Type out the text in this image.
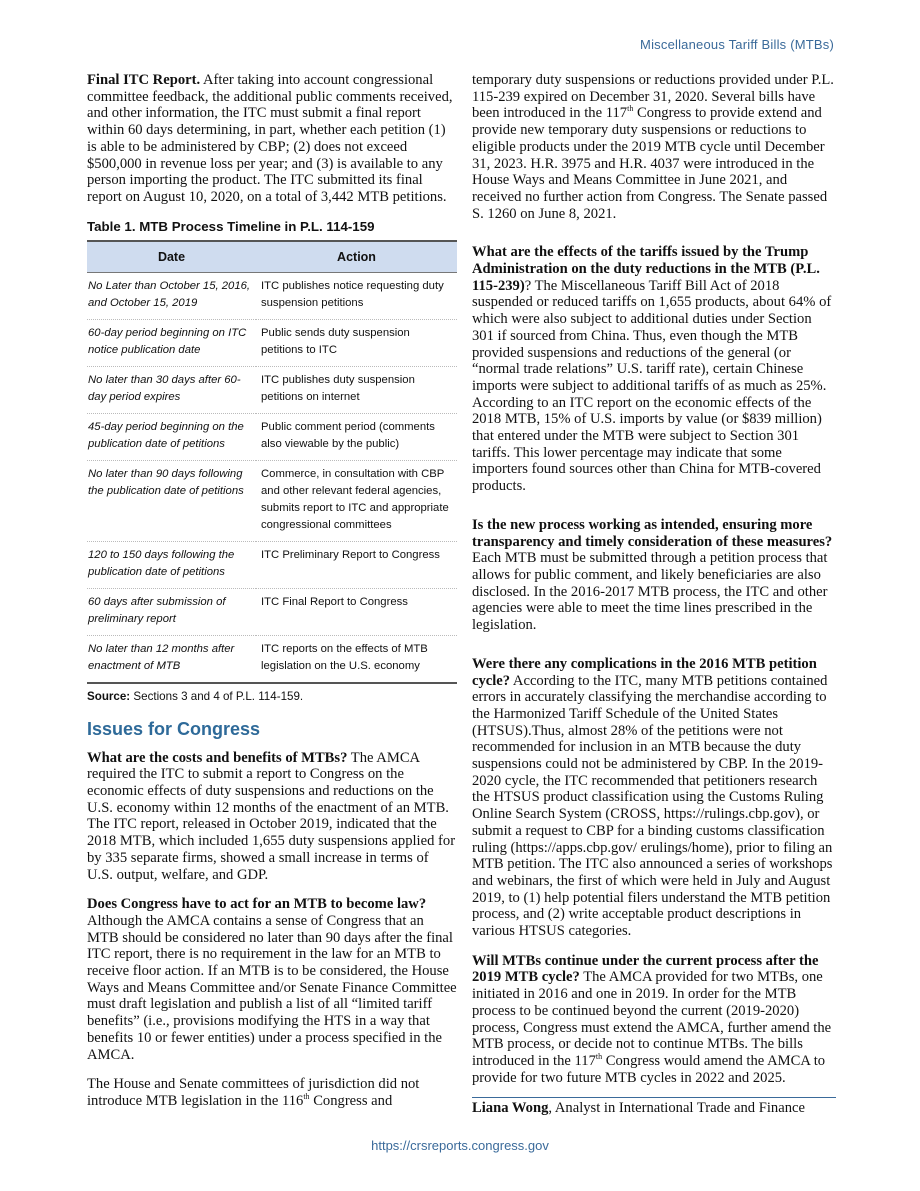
Miscellaneous Tariff Bills (MTBs)

Final ITC Report. After taking into account congressional committee feedback, the additional public comments received, and other information, the ITC must submit a final report within 60 days determining, in part, whether each petition (1) is able to be administered by CBP; (2) does not exceed $500,000 in revenue loss per year; and (3) is available to any person importing the product. The ITC submitted its final report on August 10, 2020, on a total of 3,442 MTB petitions.

Table 1. MTB Process Timeline in P.L. 114-159
Date	Action
No Later than October 15, 2016, and October 15, 2019	ITC publishes notice requesting duty suspension petitions
60-day period beginning on ITC notice publication date	Public sends duty suspension petitions to ITC
No later than 30 days after 60-day period expires	ITC publishes duty suspension petitions on internet
45-day period beginning on the publication date of petitions	Public comment period (comments also viewable by the public)
No later than 90 days following the publication date of petitions	Commerce, in consultation with CBP and other relevant federal agencies, submits report to ITC and appropriate congressional committees
120 to 150 days following the publication date of petitions	ITC Preliminary Report to Congress
60 days after submission of preliminary report	ITC Final Report to Congress
No later than 12 months after enactment of MTB	ITC reports on the effects of MTB legislation on the U.S. economy
Source: Sections 3 and 4 of P.L. 114-159.
Issues for Congress

What are the costs and benefits of MTBs? The AMCA required the ITC to submit a report to Congress on the economic effects of duty suspensions and reductions on the U.S. economy within 12 months of the enactment of an MTB. The ITC report, released in October 2019, indicated that the 2018 MTB, which included 1,655 duty suspensions applied for by 335 separate firms, showed a small increase in terms of U.S. output, welfare, and GDP.

Does Congress have to act for an MTB to become law? Although the AMCA contains a sense of Congress that an MTB should be considered no later than 90 days after the final ITC report, there is no requirement in the law for an MTB to receive floor action. If an MTB is to be considered, the House Ways and Means Committee and/or Senate Finance Committee must draft legislation and publish a list of all “limited tariff benefits” (i.e., provisions modifying the HTS in a way that benefits 10 or fewer entities) under a process specified in the AMCA.

The House and Senate committees of jurisdiction did not introduce MTB legislation in the 116th Congress and

temporary duty suspensions or reductions provided under P.L. 115-239 expired on December 31, 2020. Several bills have been introduced in the 117th Congress to provide extend and provide new temporary duty suspensions or reductions to eligible products under the 2019 MTB cycle until December 31, 2023. H.R. 3975 and H.R. 4037 were introduced in the House Ways and Means Committee in June 2021, and received no further action from Congress. The Senate passed S. 1260 on June 8, 2021.

What are the effects of the tariffs issued by the Trump Administration on the duty reductions in the MTB (P.L. 115-239)? The Miscellaneous Tariff Bill Act of 2018 suspended or reduced tariffs on 1,655 products, about 64% of which were also subject to additional duties under Section 301 if sourced from China. Thus, even though the MTB provided suspensions and reductions of the general (or “normal trade relations” U.S. tariff rate), certain Chinese imports were subject to additional tariffs of as much as 25%. According to an ITC report on the economic effects of the 2018 MTB, 15% of U.S. imports by value (or $839 million) that entered under the MTB were subject to Section 301 tariffs. This lower percentage may indicate that some importers found sources other than China for MTB-covered products.

Is the new process working as intended, ensuring more transparency and timely consideration of these measures? Each MTB must be submitted through a petition process that allows for public comment, and likely beneficiaries are also disclosed. In the 2016-2017 MTB process, the ITC and other agencies were able to meet the time lines prescribed in the legislation.

Were there any complications in the 2016 MTB petition cycle? According to the ITC, many MTB petitions contained errors in accurately classifying the merchandise according to the Harmonized Tariff Schedule of the United States (HTSUS).Thus, almost 28% of the petitions were not recommended for inclusion in an MTB because the duty suspensions could not be administered by CBP. In the 2019-2020 cycle, the ITC recommended that petitioners research the HTSUS product classification using the Customs Ruling Online Search System (CROSS, https://rulings.cbp.gov), or submit a request to CBP for a binding customs classification ruling (https://apps.cbp.gov/ erulings/home), prior to filing an MTB petition. The ITC also announced a series of workshops and webinars, the first of which were held in July and August 2019, to (1) help potential filers understand the MTB petition process, and (2) write acceptable product descriptions in various HTSUS categories.

Will MTBs continue under the current process after the 2019 MTB cycle? The AMCA provided for two MTBs, one initiated in 2016 and one in 2019. In order for the MTB process to be continued beyond the current (2019-2020) process, Congress must extend the AMCA, further amend the MTB process, or decide not to continue MTBs. The bills introduced in the 117th Congress would amend the AMCA to provide for two future MTB cycles in 2022 and 2025.

Liana Wong, Analyst in International Trade and Finance

https://crsreports.congress.gov
